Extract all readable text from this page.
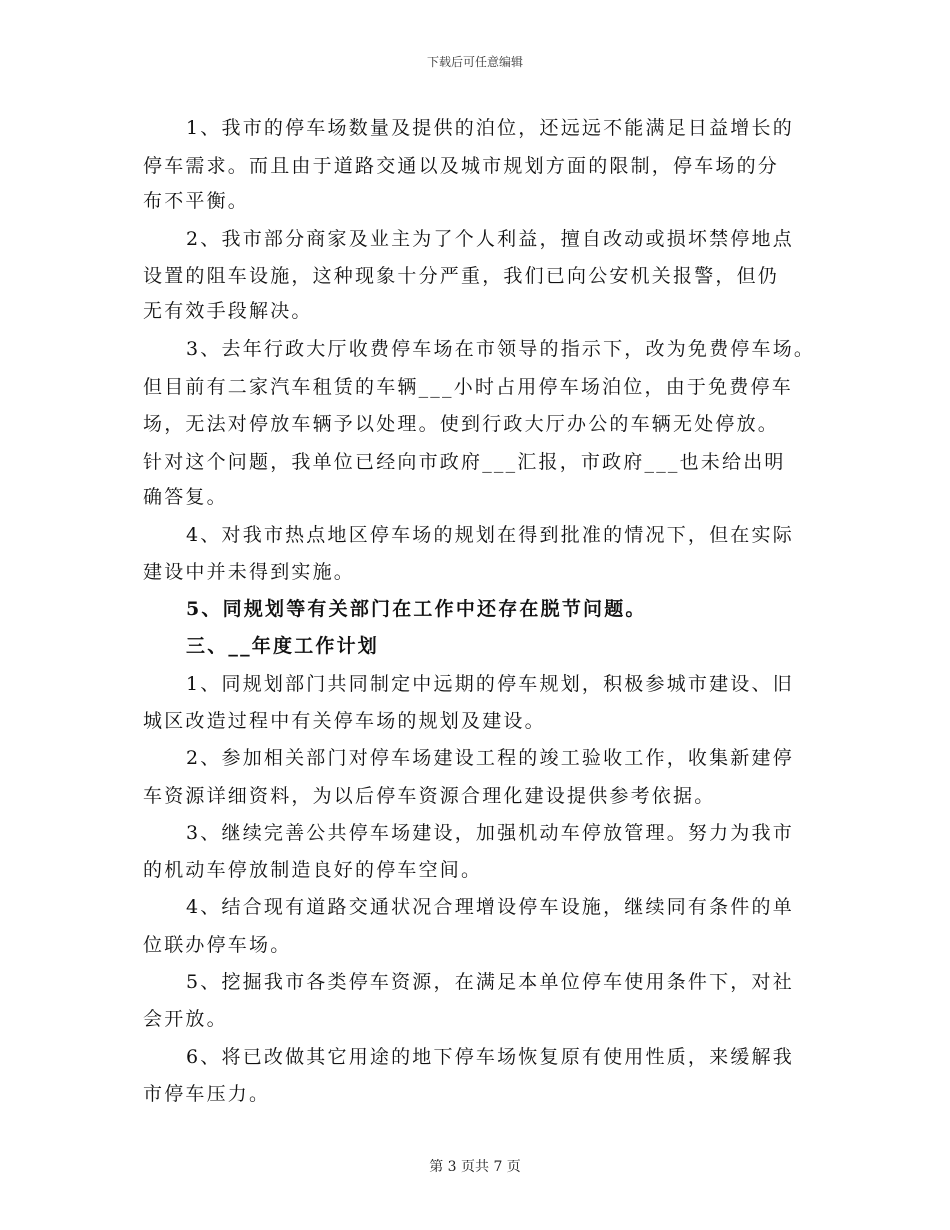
下载后可任意编辑
1、我市的停车场数量及提供的泊位，还远远不能满足日益增长的
停车需求。而且由于道路交通以及城市规划方面的限制，停车场的分
布不平衡。
2、我市部分商家及业主为了个人利益，擅自改动或损坏禁停地点
设置的阻车设施，这种现象十分严重，我们已向公安机关报警，但仍
无有效手段解决。
3、去年行政大厅收费停车场在市领导的指示下，改为免费停车场。
但目前有二家汽车租赁的车辆___小时占用停车场泊位，由于免费停车
场，无法对停放车辆予以处理。使到行政大厅办公的车辆无处停放。
针对这个问题，我单位已经向市政府___汇报，市政府___也未给出明
确答复。
4、对我市热点地区停车场的规划在得到批准的情况下，但在实际
建设中并未得到实施。
5、同规划等有关部门在工作中还存在脱节问题。
三、__年度工作计划
1、同规划部门共同制定中远期的停车规划，积极参城市建设、旧
城区改造过程中有关停车场的规划及建设。
2、参加相关部门对停车场建设工程的竣工验收工作，收集新建停
车资源详细资料，为以后停车资源合理化建设提供参考依据。
3、继续完善公共停车场建设，加强机动车停放管理。努力为我市
的机动车停放制造良好的停车空间。
4、结合现有道路交通状况合理增设停车设施，继续同有条件的单
位联办停车场。
5、挖掘我市各类停车资源，在满足本单位停车使用条件下，对社
会开放。
6、将已改做其它用途的地下停车场恢复原有使用性质，来缓解我
市停车压力。
第 3 页共 7 页
